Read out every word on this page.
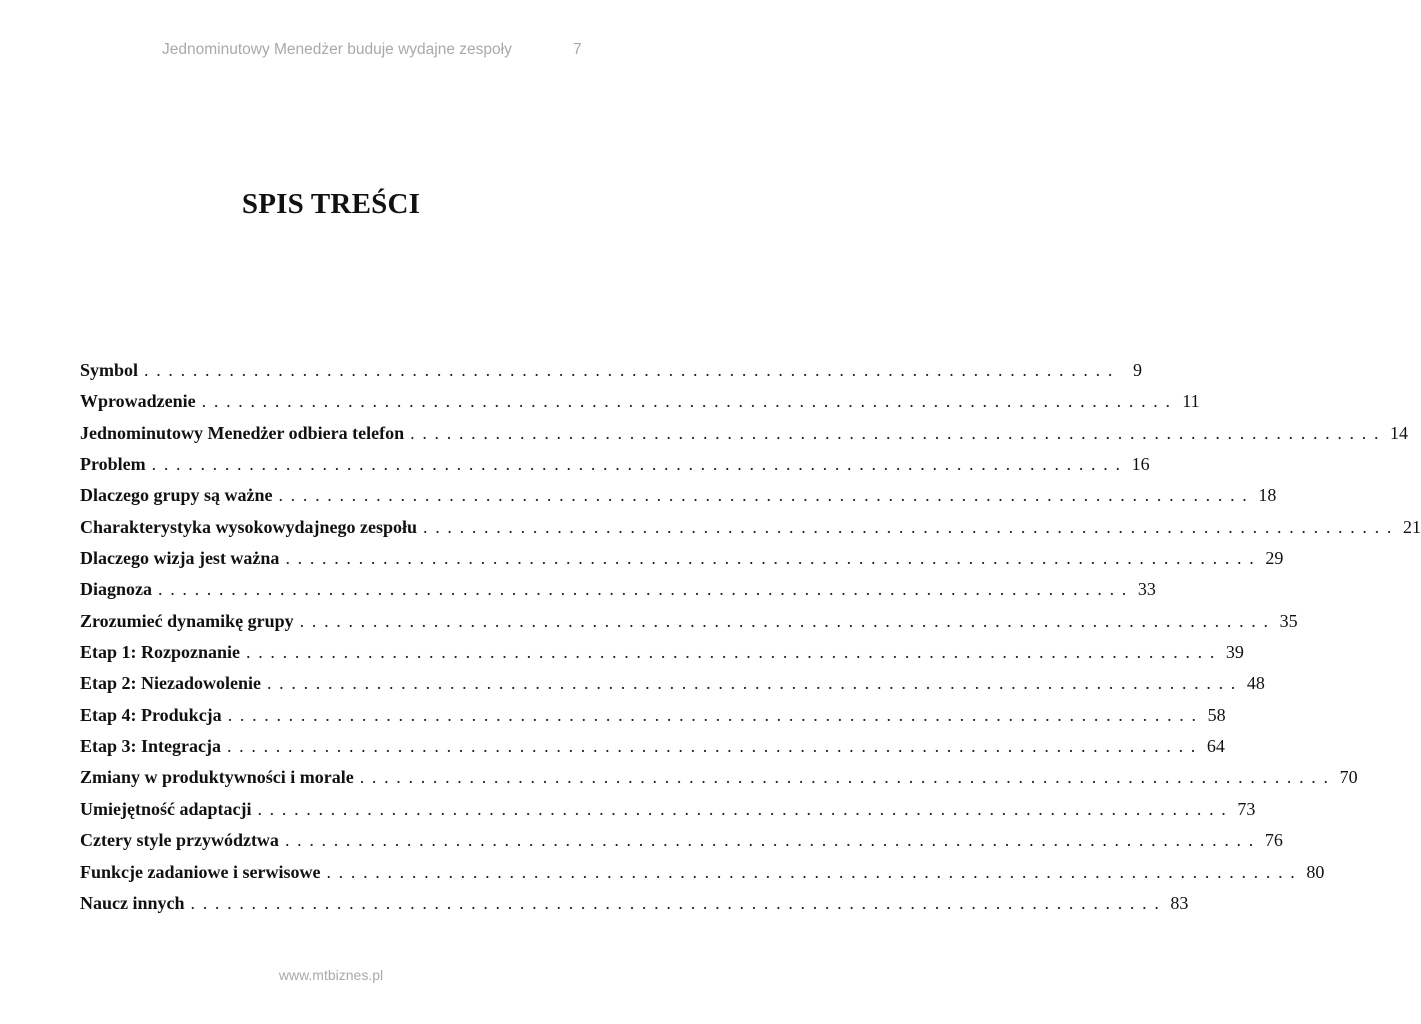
Jednominutowy Menedżer buduje wydajne zespoły	7
SPIS TREŚCI
Symbol . . . . . . . . . . . . . . . . . . . . . . . . . . . . . . . . . . . . . . . . . . . . . . . . . . . . . . . . . . . . . . . . . . . . . . . . . . . . . . . .	9
Wprowadzenie . . . . . . . . . . . . . . . . . . . . . . . . . . . . . . . . . . . . . . . . . . . . . . . . . . . . . . . . . . . . . . . . . . . . . . . . . . . . . . . . 11
Jednominutowy Menedżer odbiera telefon . . . . . . . . . . . . . . . . . . . . . . . . . . . . . . . . . . . . . . . . . . . . . . . . . . . . . . . . . . . . . . . . . . . . . . . . . . . . . . . . 14
Problem . . . . . . . . . . . . . . . . . . . . . . . . . . . . . . . . . . . . . . . . . . . . . . . . . . . . . . . . . . . . . . . . . . . . . . . . . . . . . . . . 16
Dlaczego grupy są ważne . . . . . . . . . . . . . . . . . . . . . . . . . . . . . . . . . . . . . . . . . . . . . . . . . . . . . . . . . . . . . . . . . . . . . . . . . . . . . . . . 18
Charakterystyka wysokowydajnego zespołu . . . . . . . . . . . . . . . . . . . . . . . . . . . . . . . . . . . . . . . . . . . . . . . . . . . . . . . . . . . . . . . . . . . . . . . . . . . . . . . . 21
Dlaczego wizja jest ważna . . . . . . . . . . . . . . . . . . . . . . . . . . . . . . . . . . . . . . . . . . . . . . . . . . . . . . . . . . . . . . . . . . . . . . . . . . . . . . . . 29
Diagnoza . . . . . . . . . . . . . . . . . . . . . . . . . . . . . . . . . . . . . . . . . . . . . . . . . . . . . . . . . . . . . . . . . . . . . . . . . . . . . . . . 33
Zrozumieć dynamikę grupy . . . . . . . . . . . . . . . . . . . . . . . . . . . . . . . . . . . . . . . . . . . . . . . . . . . . . . . . . . . . . . . . . . . . . . . . . . . . . . . . 35
Etap 1: Rozpoznanie . . . . . . . . . . . . . . . . . . . . . . . . . . . . . . . . . . . . . . . . . . . . . . . . . . . . . . . . . . . . . . . . . . . . . . . . . . . . . . . . 39
Etap 2: Niezadowolenie . . . . . . . . . . . . . . . . . . . . . . . . . . . . . . . . . . . . . . . . . . . . . . . . . . . . . . . . . . . . . . . . . . . . . . . . . . . . . . . . 48
Etap 4: Produkcja . . . . . . . . . . . . . . . . . . . . . . . . . . . . . . . . . . . . . . . . . . . . . . . . . . . . . . . . . . . . . . . . . . . . . . . . . . . . . . . . 58
Etap 3: Integracja . . . . . . . . . . . . . . . . . . . . . . . . . . . . . . . . . . . . . . . . . . . . . . . . . . . . . . . . . . . . . . . . . . . . . . . . . . . . . . . . 64
Zmiany w produktywności i morale . . . . . . . . . . . . . . . . . . . . . . . . . . . . . . . . . . . . . . . . . . . . . . . . . . . . . . . . . . . . . . . . . . . . . . . . . . . . . . . . 70
Umiejętność adaptacji . . . . . . . . . . . . . . . . . . . . . . . . . . . . . . . . . . . . . . . . . . . . . . . . . . . . . . . . . . . . . . . . . . . . . . . . . . . . . . . . 73
Cztery style przywództwa . . . . . . . . . . . . . . . . . . . . . . . . . . . . . . . . . . . . . . . . . . . . . . . . . . . . . . . . . . . . . . . . . . . . . . . . . . . . . . . . 76
Funkcje zadaniowe i serwisowe . . . . . . . . . . . . . . . . . . . . . . . . . . . . . . . . . . . . . . . . . . . . . . . . . . . . . . . . . . . . . . . . . . . . . . . . . . . . . . . . 80
Naucz innych . . . . . . . . . . . . . . . . . . . . . . . . . . . . . . . . . . . . . . . . . . . . . . . . . . . . . . . . . . . . . . . . . . . . . . . . . . . . . . . . 83
www.mtbiznes.pl
